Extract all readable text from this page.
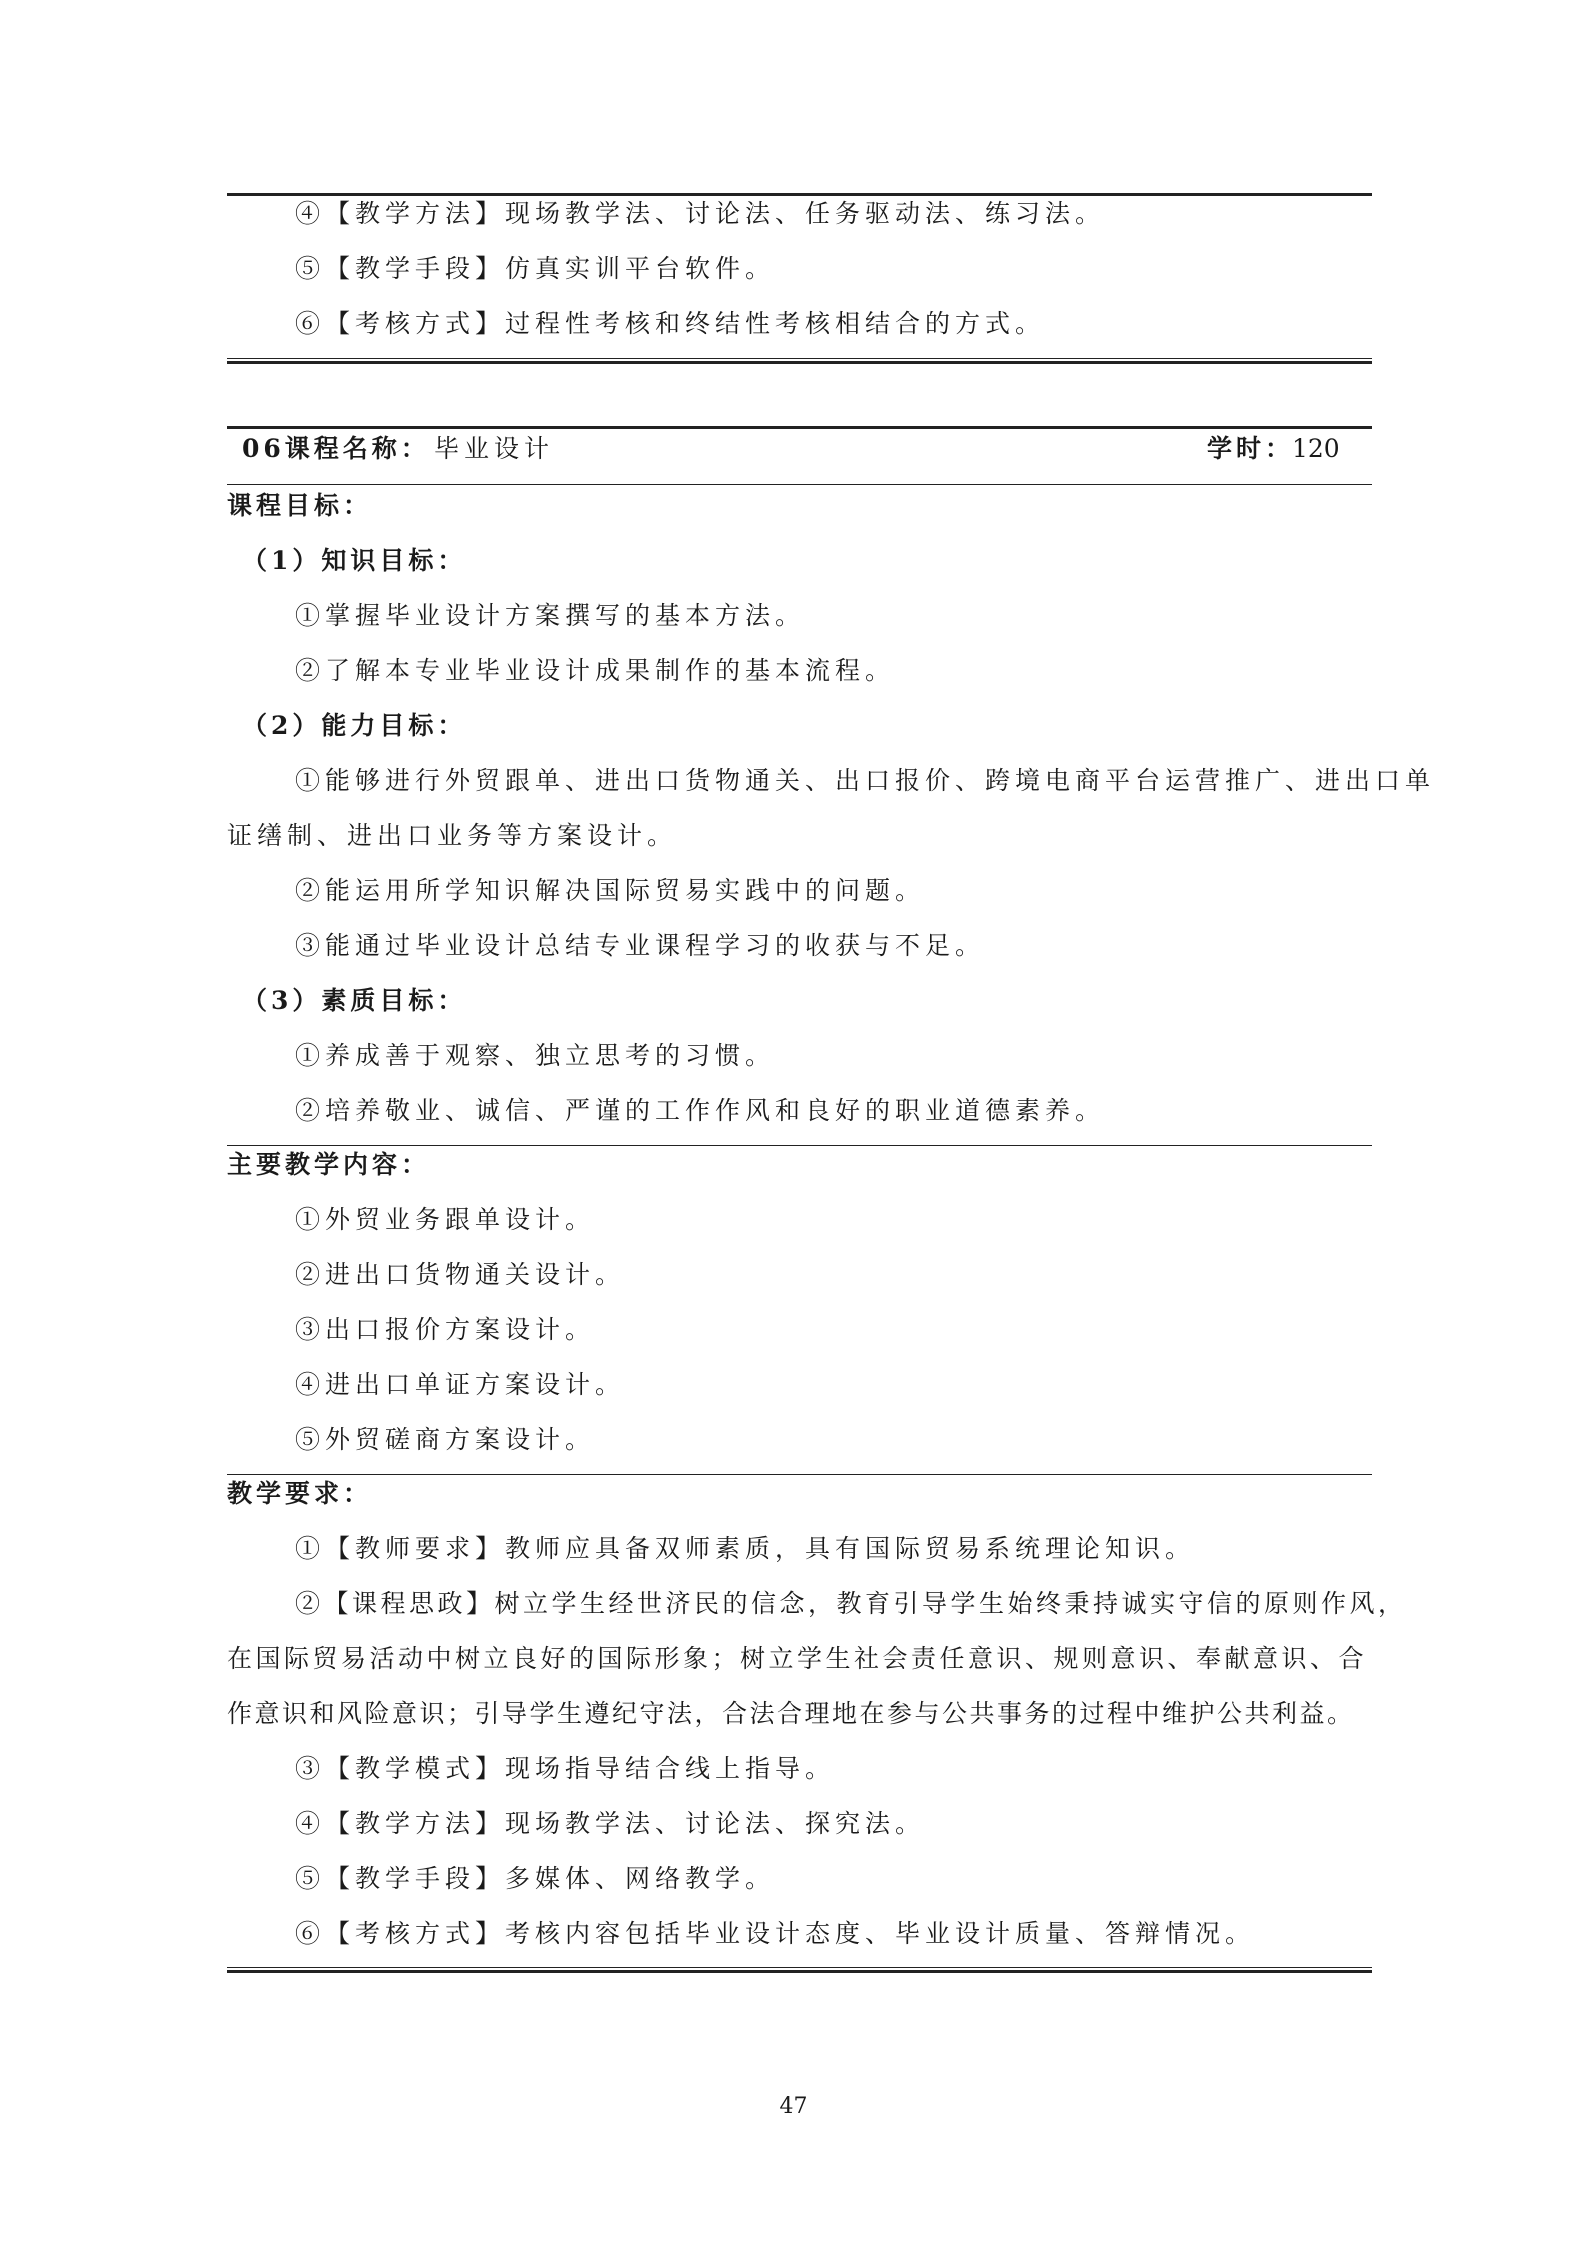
④【教学方法】现场教学法、讨论法、任务驱动法、练习法。
⑤【教学手段】仿真实训平台软件。
⑥【考核方式】过程性考核和终结性考核相结合的方式。
06课程名称： 毕业设计	学时：
120
课程目标：
（1）知识目标：
①掌握毕业设计方案撰写的基本方法。
②了解本专业毕业设计成果制作的基本流程。
（2）能力目标：
①能够进行外贸跟单、进出口货物通关、出口报价、跨境电商平台运营推广、进出口单
证缮制、进出口业务等方案设计。
②能运用所学知识解决国际贸易实践中的问题。
③能通过毕业设计总结专业课程学习的收获与不足。
（3）素质目标：
①养成善于观察、独立思考的习惯。
②培养敬业、诚信、严谨的工作作风和良好的职业道德素养。
主要教学内容：
①外贸业务跟单设计。
②进出口货物通关设计。
③出口报价方案设计。
④进出口单证方案设计。
⑤外贸磋商方案设计。
教学要求：
①【教师要求】教师应具备双师素质，具有国际贸易系统理论知识。
②【课程思政】树立学生经世济民的信念，教育引导学生始终秉持诚实守信的原则作风，
在国际贸易活动中树立良好的国际形象；树立学生社会责任意识、规则意识、奉献意识、合
作意识和风险意识；引导学生遵纪守法，合法合理地在参与公共事务的过程中维护公共利益。
③【教学模式】现场指导结合线上指导。
④【教学方法】现场教学法、讨论法、探究法。
⑤【教学手段】多媒体、网络教学。
⑥【考核方式】考核内容包括毕业设计态度、毕业设计质量、答辩情况。
47
